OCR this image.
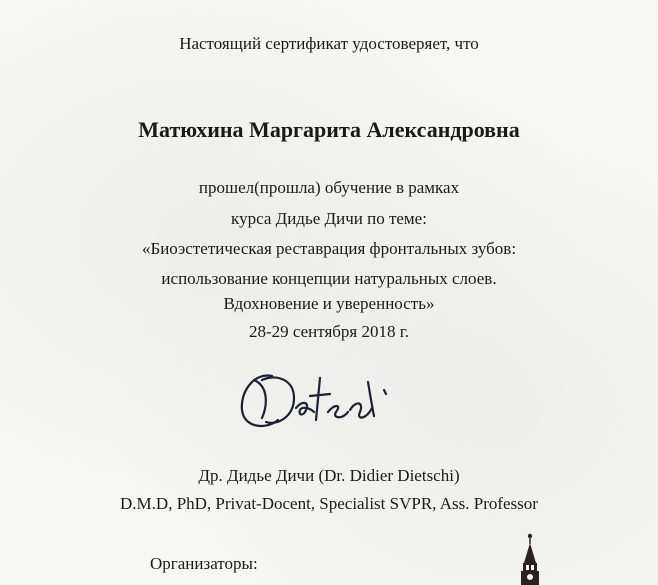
Настоящий сертификат удостоверяет, что
Матюхина Маргарита Александровна
прошел(прошла) обучение в рамках
курса Дидье Дичи по теме:
«Биоэстетическая реставрация фронтальных зубов:
использование концепции натуральных слоев.
Вдохновение и уверенность»
28-29 сентября 2018 г.
Др. Дидье Дичи (Dr. Didier Dietschi)
D.M.D, PhD, Privat-Docent, Specialist SVPR, Ass. Professor
Организаторы:
